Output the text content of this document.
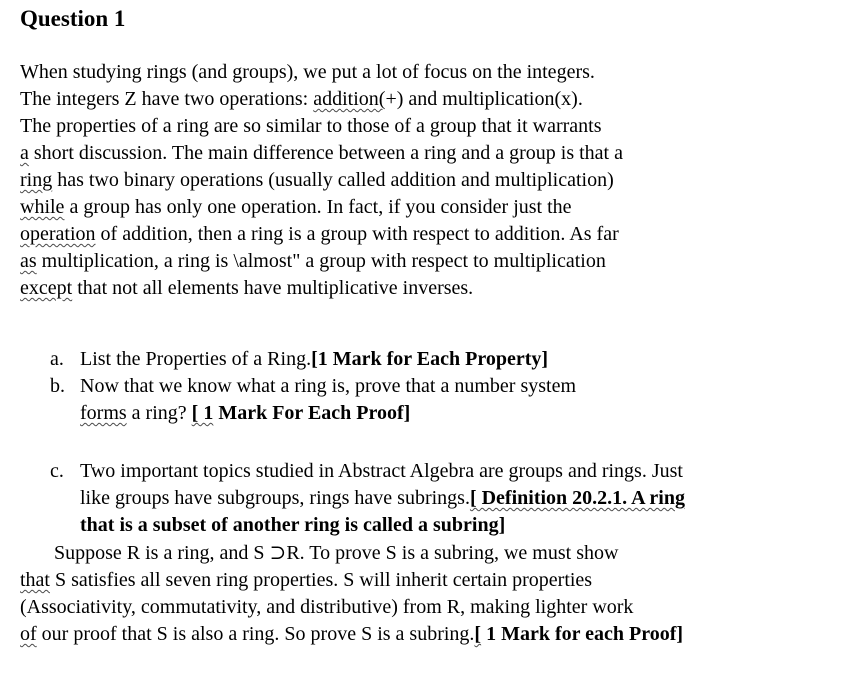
Question 1
When studying rings (and groups), we put a lot of focus on the integers.
The integers Z have two operations: addition(+) and multiplication(x).
The properties of a ring are so similar to those of a group that it warrants
a short discussion. The main difference between a ring and a group is that a
ring has two binary operations (usually called addition and multiplication)
while a group has only one operation. In fact, if you consider just the
operation of addition, then a ring is a group with respect to addition. As far
as multiplication, a ring is \almost" a group with respect to multiplication
except that not all elements have multiplicative inverses.
a. List the Properties of a Ring.[1 Mark for Each Property]
b. Now that we know what a ring is, prove that a number system
forms a ring? [ 1 Mark For Each Proof]
c. Two important topics studied in Abstract Algebra are groups and rings. Just
like groups have subgroups, rings have subrings.[ Definition 20.2.1. A ring
that is a subset of another ring is called a subring]
Suppose R is a ring, and S ⊃R. To prove S is a subring, we must show
that S satisfies all seven ring properties. S will inherit certain properties
(Associativity, commutativity, and distributive) from R, making lighter work
of our proof that S is also a ring. So prove S is a subring.[ 1 Mark for each Proof]
